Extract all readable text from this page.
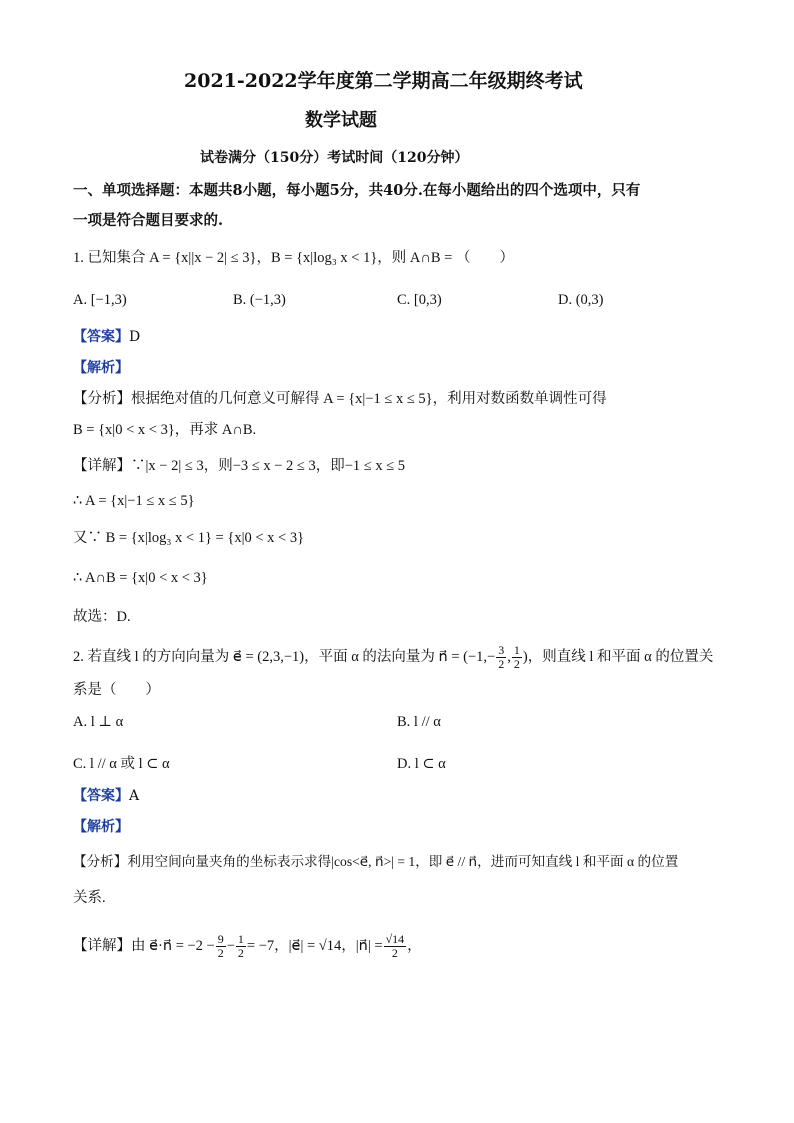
2021-2022学年度第二学期高二年级期终考试
数学试题
试卷满分（150分）考试时间（120分钟）
一、单项选择题：本题共8小题，每小题5分，共40分.在每小题给出的四个选项中，只有
一项是符合题目要求的.
1. 已知集合 A = {x||x − 2| ≤ 3}，B = {x|log₃ x < 1}，则 A∩B = （　　）
A. [−1,3)	B. (−1,3)	C. [0,3)	D. (0,3)
【答案】D
【解析】
【分析】根据绝对值的几何意义可解得 A = {x|−1 ≤ x ≤ 5}，利用对数函数单调性可得
B = {x|0 < x < 3}，再求 A∩B.
【详解】∵|x − 2| ≤ 3，则−3 ≤ x − 2 ≤ 3，即−1 ≤ x ≤ 5
∴ A = {x|−1 ≤ x ≤ 5}
又∵ B = {x|log₃ x < 1} = {x|0 < x < 3}
∴ A∩B = {x|0 < x < 3}
故选：D.
2. 若直线 l 的方向向量为 e⃗ = (2,3,−1)，平面 α 的法向量为 n⃗ = ($-1,- \frac{3}{2}$ , $\frac{1}{2}$ )，则直线 l 和平面 α 的位置关
系是（　　）
A. l ⊥ α	B. l // α
C. l // α 或 l ⊂ α	D. l ⊂ α
【答案】A
【解析】
【分析】利用空间向量夹角的坐标表示求得|cos<e⃗, n⃗>| = 1，即 e⃗ // n⃗，进而可知直线 l 和平面 α 的位置
关系.
【详解】由 e⃗·n⃗ = $-2 - \frac{9}{2} - \frac{1}{2} = -7$，|e⃗| = √14，|n⃗| = $\frac{√14}{2}$ ，
